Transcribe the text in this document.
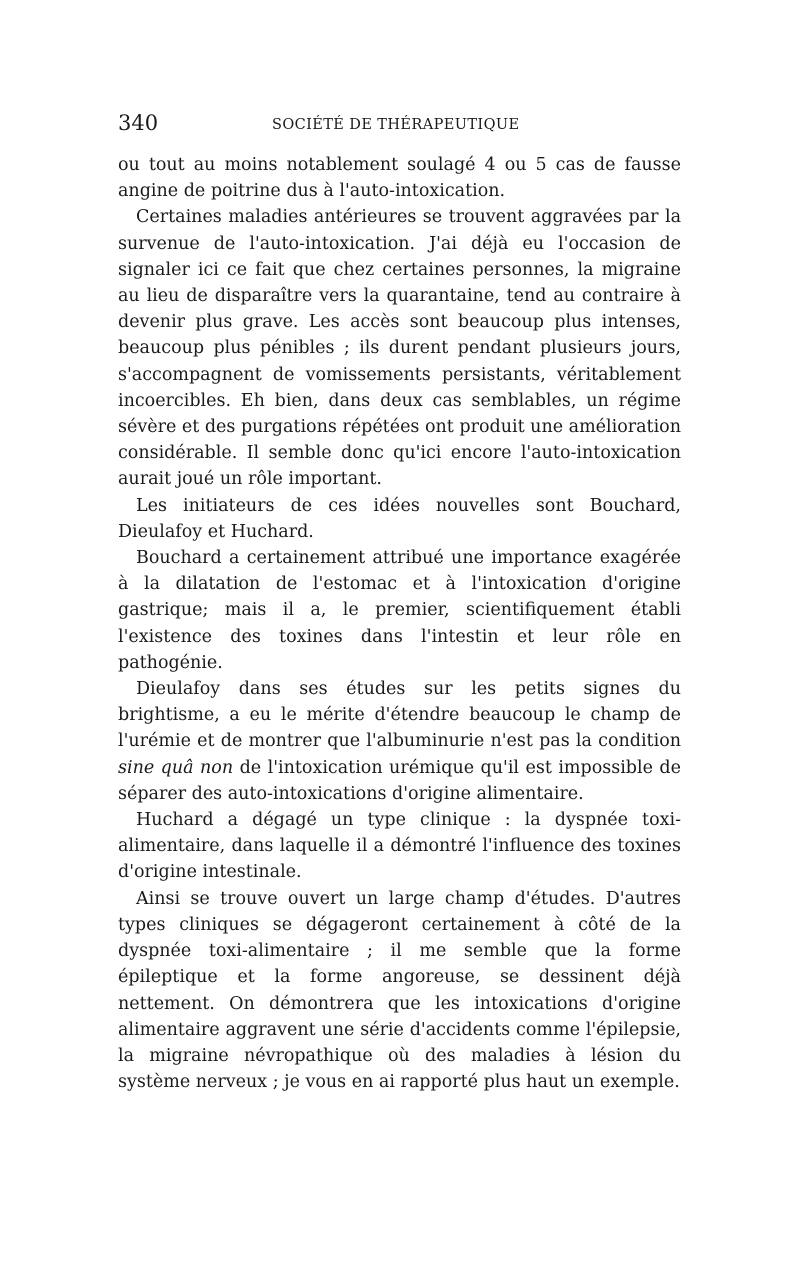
340	SOCIÉTÉ DE THÉRAPEUTIQUE

ou tout au moins notablement soulagé 4 ou 5 cas de fausse angine de poitrine dus à l'auto-intoxication.

Certaines maladies antérieures se trouvent aggravées par la survenue de l'auto-intoxication. J'ai déjà eu l'occasion de signaler ici ce fait que chez certaines personnes, la migraine au lieu de disparaître vers la quarantaine, tend au contraire à devenir plus grave. Les accès sont beaucoup plus intenses, beaucoup plus pénibles ; ils durent pendant plusieurs jours, s'accompagnent de vomissements persistants, véritablement incoercibles. Eh bien, dans deux cas semblables, un régime sévère et des purgations répétées ont produit une amélioration considérable. Il semble donc qu'ici encore l'auto-intoxication aurait joué un rôle important.

Les initiateurs de ces idées nouvelles sont Bouchard, Dieulafoy et Huchard.

Bouchard a certainement attribué une importance exagérée à la dilatation de l'estomac et à l'intoxication d'origine gastrique; mais il a, le premier, scientifiquement établi l'existence des toxines dans l'intestin et leur rôle en pathogénie.

Dieulafoy dans ses études sur les petits signes du brightisme, a eu le mérite d'étendre beaucoup le champ de l'urémie et de montrer que l'albuminurie n'est pas la condition sine quâ non de l'intoxication urémique qu'il est impossible de séparer des auto-intoxications d'origine alimentaire.

Huchard a dégagé un type clinique : la dyspnée toxi-alimentaire, dans laquelle il a démontré l'influence des toxines d'origine intestinale.

Ainsi se trouve ouvert un large champ d'études. D'autres types cliniques se dégageront certainement à côté de la dyspnée toxi-alimentaire ; il me semble que la forme épileptique et la forme angoreuse, se dessinent déjà nettement. On démontrera que les intoxications d'origine alimentaire aggravent une série d'accidents comme l'épilepsie, la migraine névropathique où des maladies à lésion du système nerveux ; je vous en ai rapporté plus haut un exemple.
